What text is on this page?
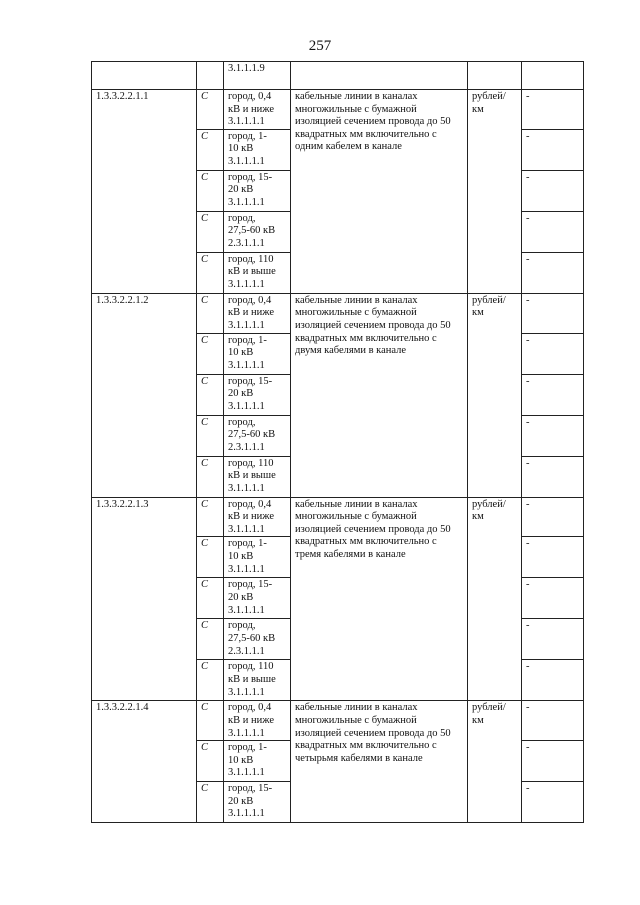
257

		3.1.1.1.9			

1.3.3.2.2.1.1	С	город, 0,4
кВ и ниже
3.1.1.1.1	кабельные линии в каналах многожильные с бумажной изоляцией сечением провода до 50 квадратных мм включительно с одним кабелем в канале	рублей/ км	-
	С	город, 1-
10 кВ
3.1.1.1.1			-
	С	город, 15-
20 кВ
3.1.1.1.1			-
	С	город,
27,5-60 кВ
2.3.1.1.1			-
	С	город, 110
кВ и выше
3.1.1.1.1			-
1.3.3.2.2.1.2	С	город, 0,4
кВ и ниже
3.1.1.1.1	кабельные линии в каналах многожильные с бумажной изоляцией сечением провода до 50 квадратных мм включительно с двумя кабелями в канале	рублей/ км	-
	С	город, 1-
10 кВ
3.1.1.1.1			-
	С	город, 15-
20 кВ
3.1.1.1.1			-
	С	город,
27,5-60 кВ
2.3.1.1.1			-
	С	город, 110
кВ и выше
3.1.1.1.1			-
1.3.3.2.2.1.3	С	город, 0,4
кВ и ниже
3.1.1.1.1	кабельные линии в каналах многожильные с бумажной изоляцией сечением провода до 50 квадратных мм включительно с тремя кабелями в канале	рублей/ км	-
	С	город, 1-
10 кВ
3.1.1.1.1			-
	С	город, 15-
20 кВ
3.1.1.1.1			-
	С	город,
27,5-60 кВ
2.3.1.1.1			-
	С	город, 110
кВ и выше
3.1.1.1.1			-
1.3.3.2.2.1.4	С	город, 0,4
кВ и ниже
3.1.1.1.1	кабельные линии в каналах многожильные с бумажной изоляцией сечением провода до 50 квадратных мм включительно с четырьмя кабелями в канале	рублей/ км	-
	С	город, 1-
10 кВ
3.1.1.1.1			-
	С	город, 15-
20 кВ
3.1.1.1.1			-
